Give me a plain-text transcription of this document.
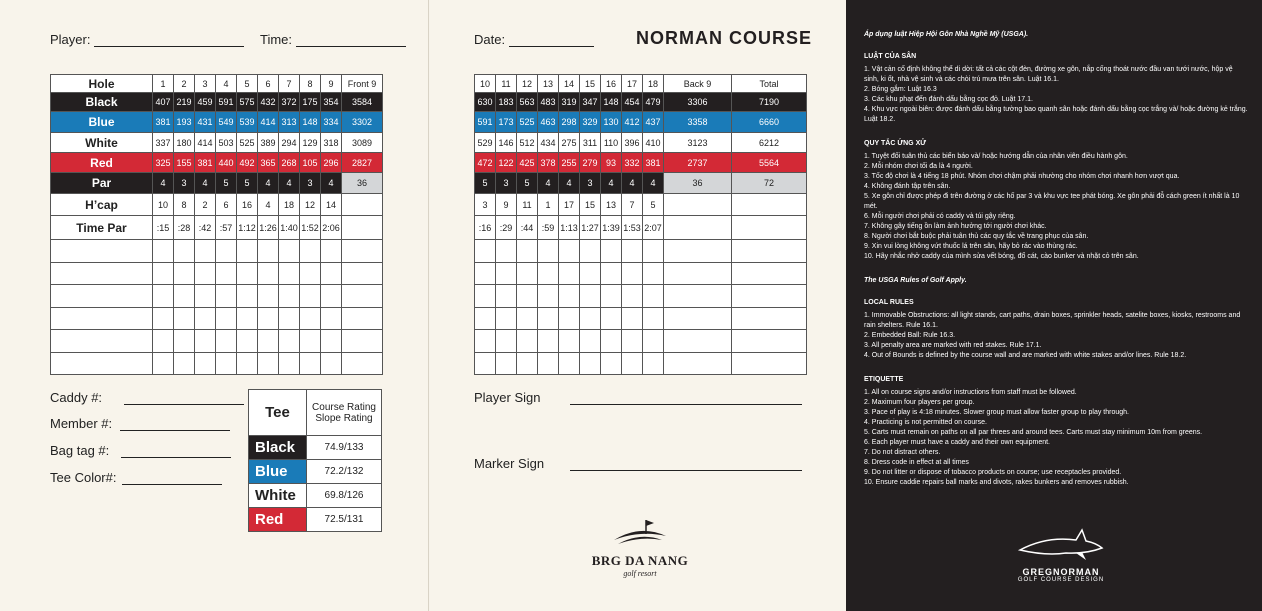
Player:	Time:
Hole	1	2	3	4	5	6	7	8	9	Front 9
Black	407	219	459	591	575	432	372	175	354	3584
Blue	381	193	431	549	539	414	313	148	334	3302
White	337	180	414	503	525	389	294	129	318	3089
Red	325	155	381	440	492	365	268	105	296	2827
Par	4	3	4	5	5	4	4	3	4	36
H’cap	10	8	2	6	16	4	18	12	14	
Time Par	:15	:28	:42	:57	1:12	1:26	1:40	1:52	2:06	

Caddy #:
Member #:
Bag tag #:
Tee Color#:
Tee	Course Rating
Slope Rating

Black	74.9/133
Blue	72.2/132
White	69.8/126
Red	72.5/131
Date:	NORMAN COURSE
10	11	12	13	14	15	16	17	18	Back 9	Total
630	183	563	483	319	347	148	454	479	3306	7190
591	173	525	463	298	329	130	412	437	3358	6660
529	146	512	434	275	311	110	396	410	3123	6212
472	122	425	378	255	279	93	332	381	2737	5564
5	3	5	4	4	3	4	4	4	36	72
3	9	11	1	17	15	13	7	5		
:16	:29	:44	:59	1:13	1:27	1:39	1:53	2:07		

Player Sign
Marker Sign
BRG DA NANG
golf resort

Áp dụng luật Hiệp Hội Gôn Nhà Nghề Mỹ (USGA).

LUẬT CỦA SÂN

1. Vật cản cố định không thể di dời: tất cả các cột đèn, đường xe gôn, nắp cống thoát nước đầu van tưới nước, hộp vệ sinh, ki ốt, nhà vệ sinh và các chòi trú mưa trên sân. Luật 16.1.

2. Bóng gắm: Luật 16.3

3. Các khu phạt đến đánh dấu bằng cọc đỏ. Luật 17.1.

4. Khu vực ngoài biên: được đánh dấu bằng tường bao quanh sân hoặc đánh dấu bằng cọc trắng và/ hoặc đường kẻ trắng. Luật 18.2.

QUY TẮC ỨNG XỬ

1. Tuyệt đối tuân thủ các biển báo và/ hoặc hướng dẫn của nhân viên điều hành gôn.

2. Mỗi nhóm chơi tối đa là 4 người.

3. Tốc độ chơi là 4 tiếng 18 phút. Nhóm chơi chậm phải nhường cho nhóm chơi nhanh hơn vượt qua.

4. Không đánh tập trên sân.

5. Xe gôn chỉ được phép đi trên đường ở các hố par 3 và khu vực tee phát bóng. Xe gôn phải đỗ cách green ít nhất là 10 mét.

6. Mỗi người chơi phải có caddy và túi gậy riêng.

7. Không gây tiếng ồn làm ảnh hưởng tới người chơi khác.

8. Người chơi bắt buộc phải tuân thủ các quy tắc về trang phục của sân.

9. Xin vui lòng không vứt thuốc lá trên sân, hãy bỏ rác vào thùng rác.

10. Hãy nhắc nhở caddy của mình sửa vết bóng, đổ cát, cào bunker và nhặt cỏ trên sân.

The USGA Rules of Golf Apply.

LOCAL RULES

1. Immovable Obstructions: all light stands, cart paths, drain boxes, sprinkler heads, satelite boxes, kiosks, restrooms and rain shelters. Rule 16.1.

2. Embedded Ball: Rule 16.3.

3. All penalty area are marked with red stakes. Rule 17.1.

4. Out of Bounds is defined by the course wall and are marked with white stakes and/or lines. Rule 18.2.

ETIQUETTE

1. All on course signs and/or instructions from staff must be followed.

2. Maximum four players per group.

3. Pace of play is 4:18 minutes. Slower group must allow faster group to play through.

4. Practicing is not permitted on course.

5. Carts must remain on paths on all par threes and around tees. Carts must stay minimum 10m from greens.

6. Each player must have a caddy and their own equipment.

7. Do not distract others.

8. Dress code in effect at all times

9. Do not litter or dispose of tobacco products on course; use receptacles provided.

10. Ensure caddie repairs ball marks and divots, rakes bunkers and removes rubbish.

GREGNORMAN
GOLF COURSE DESIGN
